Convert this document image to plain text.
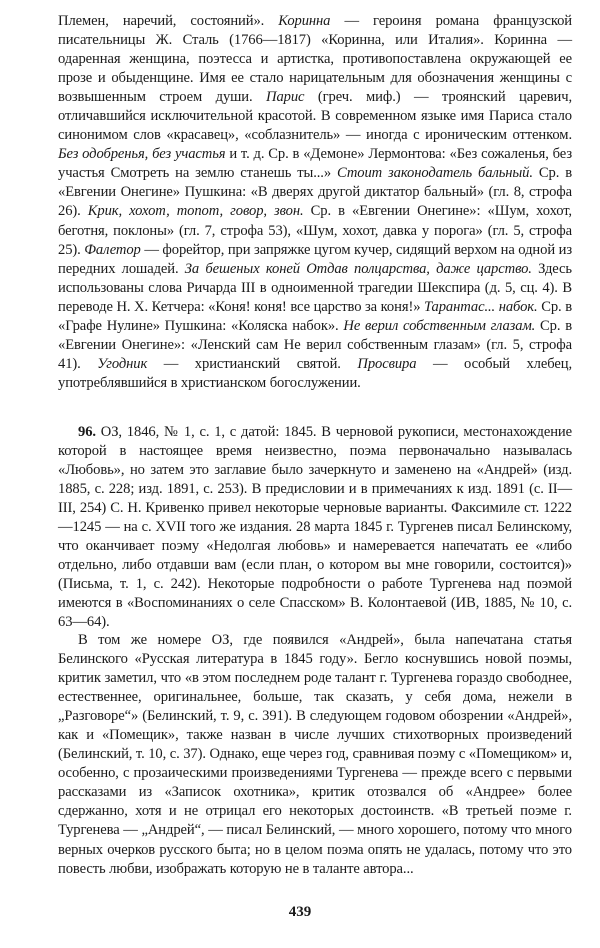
Племен, наречий, состояний». Коринна — героиня романа французской писательницы Ж. Сталь (1766—1817) «Коринна, или Италия». Коринна — одаренная женщина, поэтесса и артистка, противопоставлена окружающей ее прозе и обыденщине. Имя ее стало нарицательным для обозначения женщины с возвышенным строем души. Парис (греч. миф.) — троянский царевич, отличавшийся исключительной красотой. В современном языке имя Париса стало синонимом слов «красавец», «соблазнитель» — иногда с ироническим оттенком. Без одобренья, без участья и т. д. Ср. в «Демоне» Лермонтова: «Без сожаленья, без участья Смотреть на землю станешь ты...» Стоит законодатель бальный. Ср. в «Евгении Онегине» Пушкина: «В дверях другой диктатор бальный» (гл. 8, строфа 26). Крик, хохот, топот, говор, звон. Ср. в «Евгении Онегине»: «Шум, хохот, беготня, поклоны» (гл. 7, строфа 53), «Шум, хохот, давка у порога» (гл. 5, строфа 25). Фалетор — форейтор, при запряжке цугом кучер, сидящий верхом на одной из передних лошадей. За бешеных коней Отдав полцарства, даже царство. Здесь использованы слова Ричарда III в одноименной трагедии Шекспира (д. 5, сц. 4). В переводе Н. Х. Кетчера: «Коня! коня! все царство за коня!» Тарантас... набок. Ср. в «Графе Нулине» Пушкина: «Коляска набок». Не верил собственным глазам. Ср. в «Евгении Онегине»: «Ленский сам Не верил собственным глазам» (гл. 5, строфа 41). Угодник — христианский святой. Просвира — особый хлебец, употреблявшийся в христианском богослужении.

96. ОЗ, 1846, № 1, с. 1, с датой: 1845. В черновой рукописи, местонахождение которой в настоящее время неизвестно, поэма первоначально называлась «Любовь», но затем это заглавие было зачеркнуто и заменено на «Андрей» (изд. 1885, с. 228; изд. 1891, с. 253). В предисловии и в примечаниях к изд. 1891 (с. II—III, 254) С. Н. Кривенко привел некоторые черновые варианты. Факсимиле ст. 1222—1245 — на с. XVII того же издания. 28 марта 1845 г. Тургенев писал Белинскому, что оканчивает поэму «Недолгая любовь» и намеревается напечатать ее «либо отдельно, либо отдавши вам (если план, о котором вы мне говорили, состоится)» (Письма, т. 1, с. 242). Некоторые подробности о работе Тургенева над поэмой имеются в «Воспоминаниях о селе Спасском» В. Колонтаевой (ИВ, 1885, № 10, с. 63—64).

В том же номере ОЗ, где появился «Андрей», была напечатана статья Белинского «Русская литература в 1845 году». Бегло коснувшись новой поэмы, критик заметил, что «в этом последнем роде талант г. Тургенева гораздо свободнее, естественнее, оригинальнее, больше, так сказать, у себя дома, нежели в „Разговоре“» (Белинский, т. 9, с. 391). В следующем годовом обозрении «Андрей», как и «Помещик», также назван в числе лучших стихотворных произведений (Белинский, т. 10, с. 37). Однако, еще через год, сравнивая поэму с «Помещиком» и, особенно, с прозаическими произведениями Тургенева — прежде всего с первыми рассказами из «Записок охотника», критик отозвался об «Андрее» более сдержанно, хотя и не отрицал его некоторых достоинств. «В третьей поэме г. Тургенева — „Андрей“, — писал Белинский, — много хорошего, потому что много верных очерков русского быта; но в целом поэма опять не удалась, потому что это повесть любви, изображать которую не в таланте автора...

439
